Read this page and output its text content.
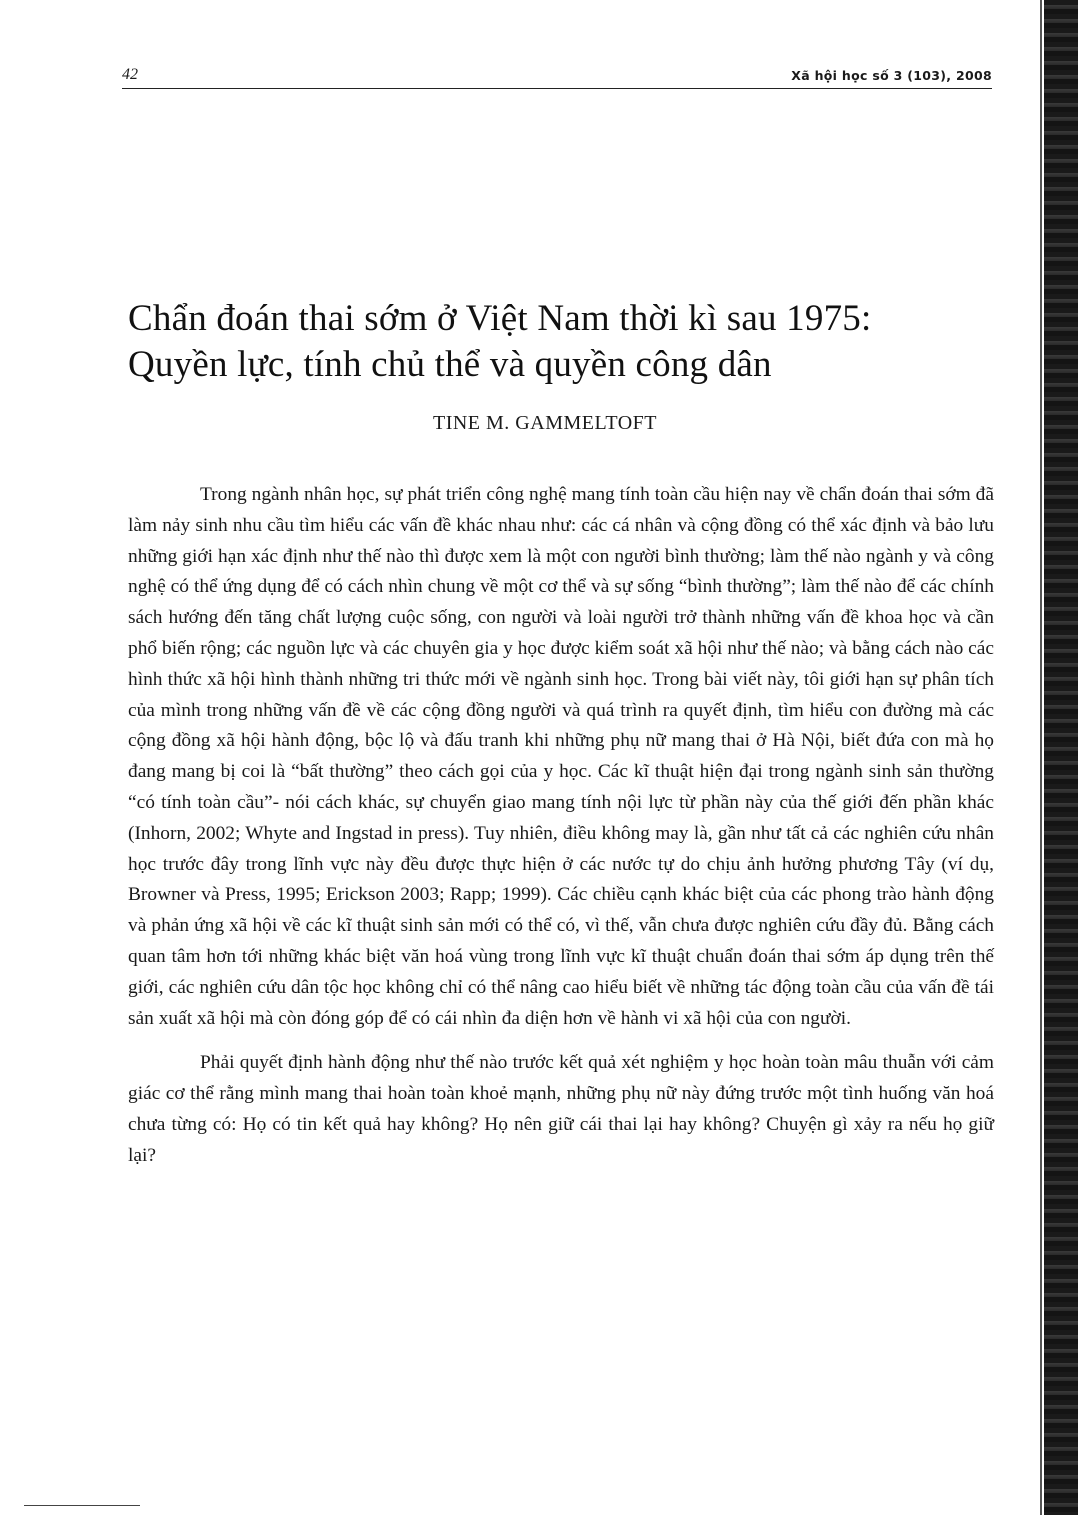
42	Xã hội học số 3 (103), 2008
Chẩn đoán thai sớm ở Việt Nam thời kì sau 1975:
Quyền lực, tính chủ thể và quyền công dân
TINE M. GAMMELTOFT

Trong ngành nhân học, sự phát triển công nghệ mang tính toàn cầu hiện nay về chẩn đoán thai sớm đã làm nảy sinh nhu cầu tìm hiểu các vấn đề khác nhau như: các cá nhân và cộng đồng có thể xác định và bảo lưu những giới hạn xác định như thế nào thì được xem là một con người bình thường; làm thế nào ngành y và công nghệ có thể ứng dụng để có cách nhìn chung về một cơ thể và sự sống “bình thường”; làm thế nào để các chính sách hướng đến tăng chất lượng cuộc sống, con người và loài người trở thành những vấn đề khoa học và cần phổ biến rộng; các nguồn lực và các chuyên gia y học được kiểm soát xã hội như thế nào; và bằng cách nào các hình thức xã hội hình thành những tri thức mới về ngành sinh học. Trong bài viết này, tôi giới hạn sự phân tích của mình trong những vấn đề về các cộng đồng người và quá trình ra quyết định, tìm hiểu con đường mà các cộng đồng xã hội hành động, bộc lộ và đấu tranh khi những phụ nữ mang thai ở Hà Nội, biết đứa con mà họ đang mang bị coi là “bất thường” theo cách gọi của y học. Các kĩ thuật hiện đại trong ngành sinh sản thường “có tính toàn cầu”- nói cách khác, sự chuyển giao mang tính nội lực từ phần này của thế giới đến phần khác (Inhorn, 2002; Whyte and Ingstad in press). Tuy nhiên, điều không may là, gần như tất cả các nghiên cứu nhân học trước đây trong lĩnh vực này đều được thực hiện ở các nước tự do chịu ảnh hưởng phương Tây (ví dụ, Browner và Press, 1995; Erickson 2003; Rapp; 1999). Các chiều cạnh khác biệt của các phong trào hành động và phản ứng xã hội về các kĩ thuật sinh sản mới có thể có, vì thế, vẫn chưa được nghiên cứu đầy đủ. Bằng cách quan tâm hơn tới những khác biệt văn hoá vùng trong lĩnh vực kĩ thuật chuẩn đoán thai sớm áp dụng trên thế giới, các nghiên cứu dân tộc học không chỉ có thể nâng cao hiểu biết về những tác động toàn cầu của vấn đề tái sản xuất xã hội mà còn đóng góp để có cái nhìn đa diện hơn về hành vi xã hội của con người.

Phải quyết định hành động như thế nào trước kết quả xét nghiệm y học hoàn toàn mâu thuẫn với cảm giác cơ thể rằng mình mang thai hoàn toàn khoẻ mạnh, những phụ nữ này đứng trước một tình huống văn hoá chưa từng có: Họ có tin kết quả hay không? Họ nên giữ cái thai lại hay không? Chuyện gì xảy ra nếu họ giữ lại?
